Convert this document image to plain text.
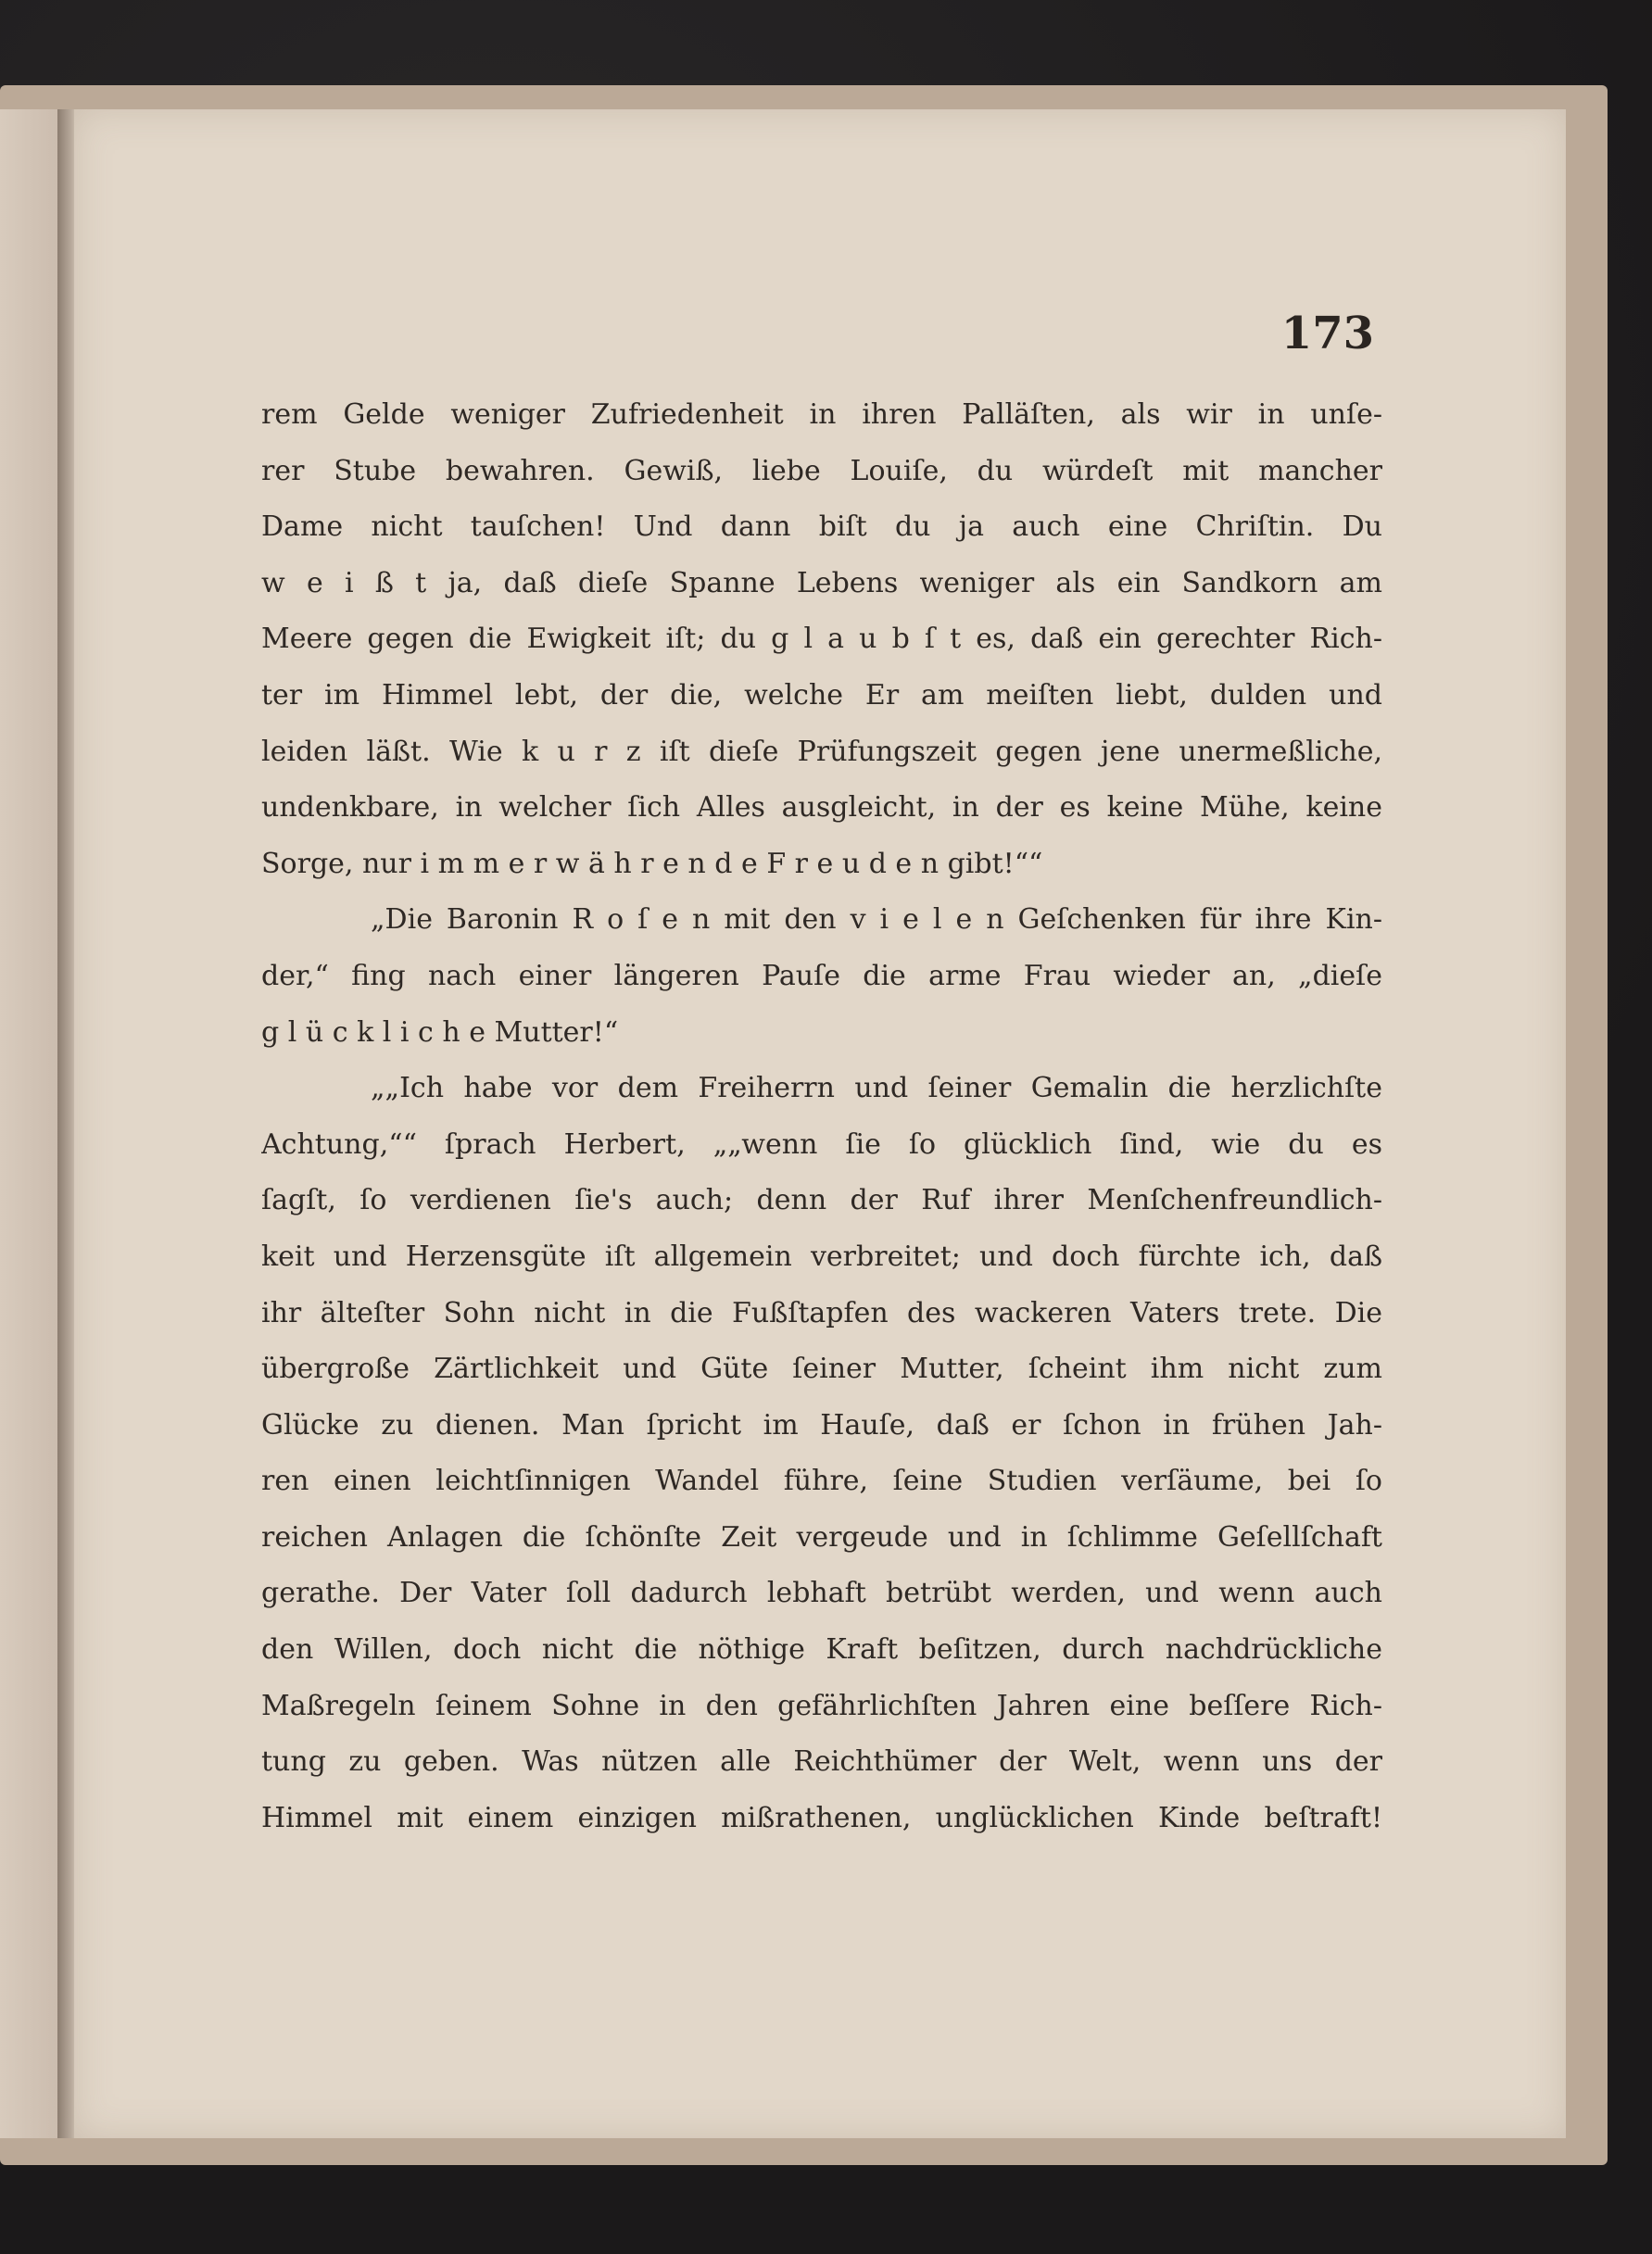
173
rem Gelde weniger Zufriedenheit in ihren Palläſten, als wir in unſe-
rer Stube bewahren. Gewiß, liebe Louiſe, du würdeſt mit mancher
Dame nicht tauſchen! Und dann biſt du ja auch eine Chriſtin. Du
w e i ß t ja, daß dieſe Spanne Lebens weniger als ein Sandkorn am
Meere gegen die Ewigkeit iſt; du g l a u b ſ t es, daß ein gerechter Rich-
ter im Himmel lebt, der die, welche Er am meiſten liebt, dulden und
leiden läßt. Wie k u r z iſt dieſe Prüfungszeit gegen jene unermeßliche,
undenkbare, in welcher ſich Alles ausgleicht, in der es keine Mühe, keine
Sorge, nur i m m e r w ä h r e n d e F r e u d e n gibt!““
„Die Baronin R o ſ e n mit den v i e l e n Geſchenken für ihre Kin-
der,“ fing nach einer längeren Pauſe die arme Frau wieder an, „dieſe
g l ü c k l i c h e Mutter!“
„„Ich habe vor dem Freiherrn und ſeiner Gemalin die herzlichſte
Achtung,““ ſprach Herbert, „„wenn ſie ſo glücklich ſind, wie du es
ſagſt, ſo verdienen ſie's auch; denn der Ruf ihrer Menſchenfreundlich-
keit und Herzensgüte iſt allgemein verbreitet; und doch fürchte ich, daß
ihr älteſter Sohn nicht in die Fußſtapfen des wackeren Vaters trete. Die
übergroße Zärtlichkeit und Güte ſeiner Mutter, ſcheint ihm nicht zum
Glücke zu dienen. Man ſpricht im Hauſe, daß er ſchon in frühen Jah-
ren einen leichtſinnigen Wandel führe, ſeine Studien verſäume, bei ſo
reichen Anlagen die ſchönſte Zeit vergeude und in ſchlimme Geſellſchaft
gerathe. Der Vater ſoll dadurch lebhaft betrübt werden, und wenn auch
den Willen, doch nicht die nöthige Kraft beſitzen, durch nachdrückliche
Maßregeln ſeinem Sohne in den gefährlichſten Jahren eine beſſere Rich-
tung zu geben. Was nützen alle Reichthümer der Welt, wenn uns der
Himmel mit einem einzigen mißrathenen, unglücklichen Kinde beſtraft!
